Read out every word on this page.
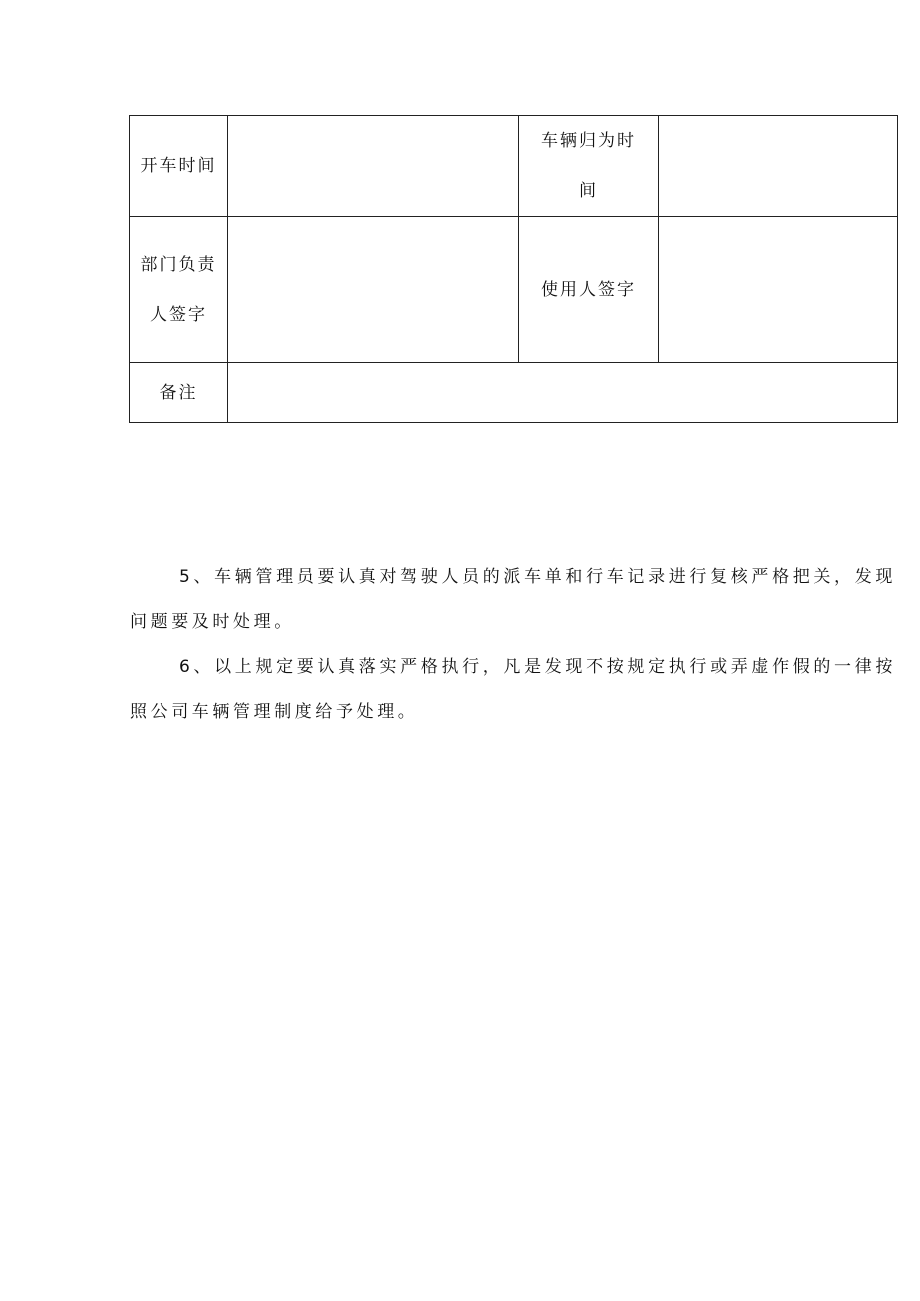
开车时间		车辆归为时间	
部门负责人签字		使用人签字	
备注			

5、车辆管理员要认真对驾驶人员的派车单和行车记录进行复核严格把关，发现问题要及时处理。

6、以上规定要认真落实严格执行，凡是发现不按规定执行或弄虚作假的一律按照公司车辆管理制度给予处理。
